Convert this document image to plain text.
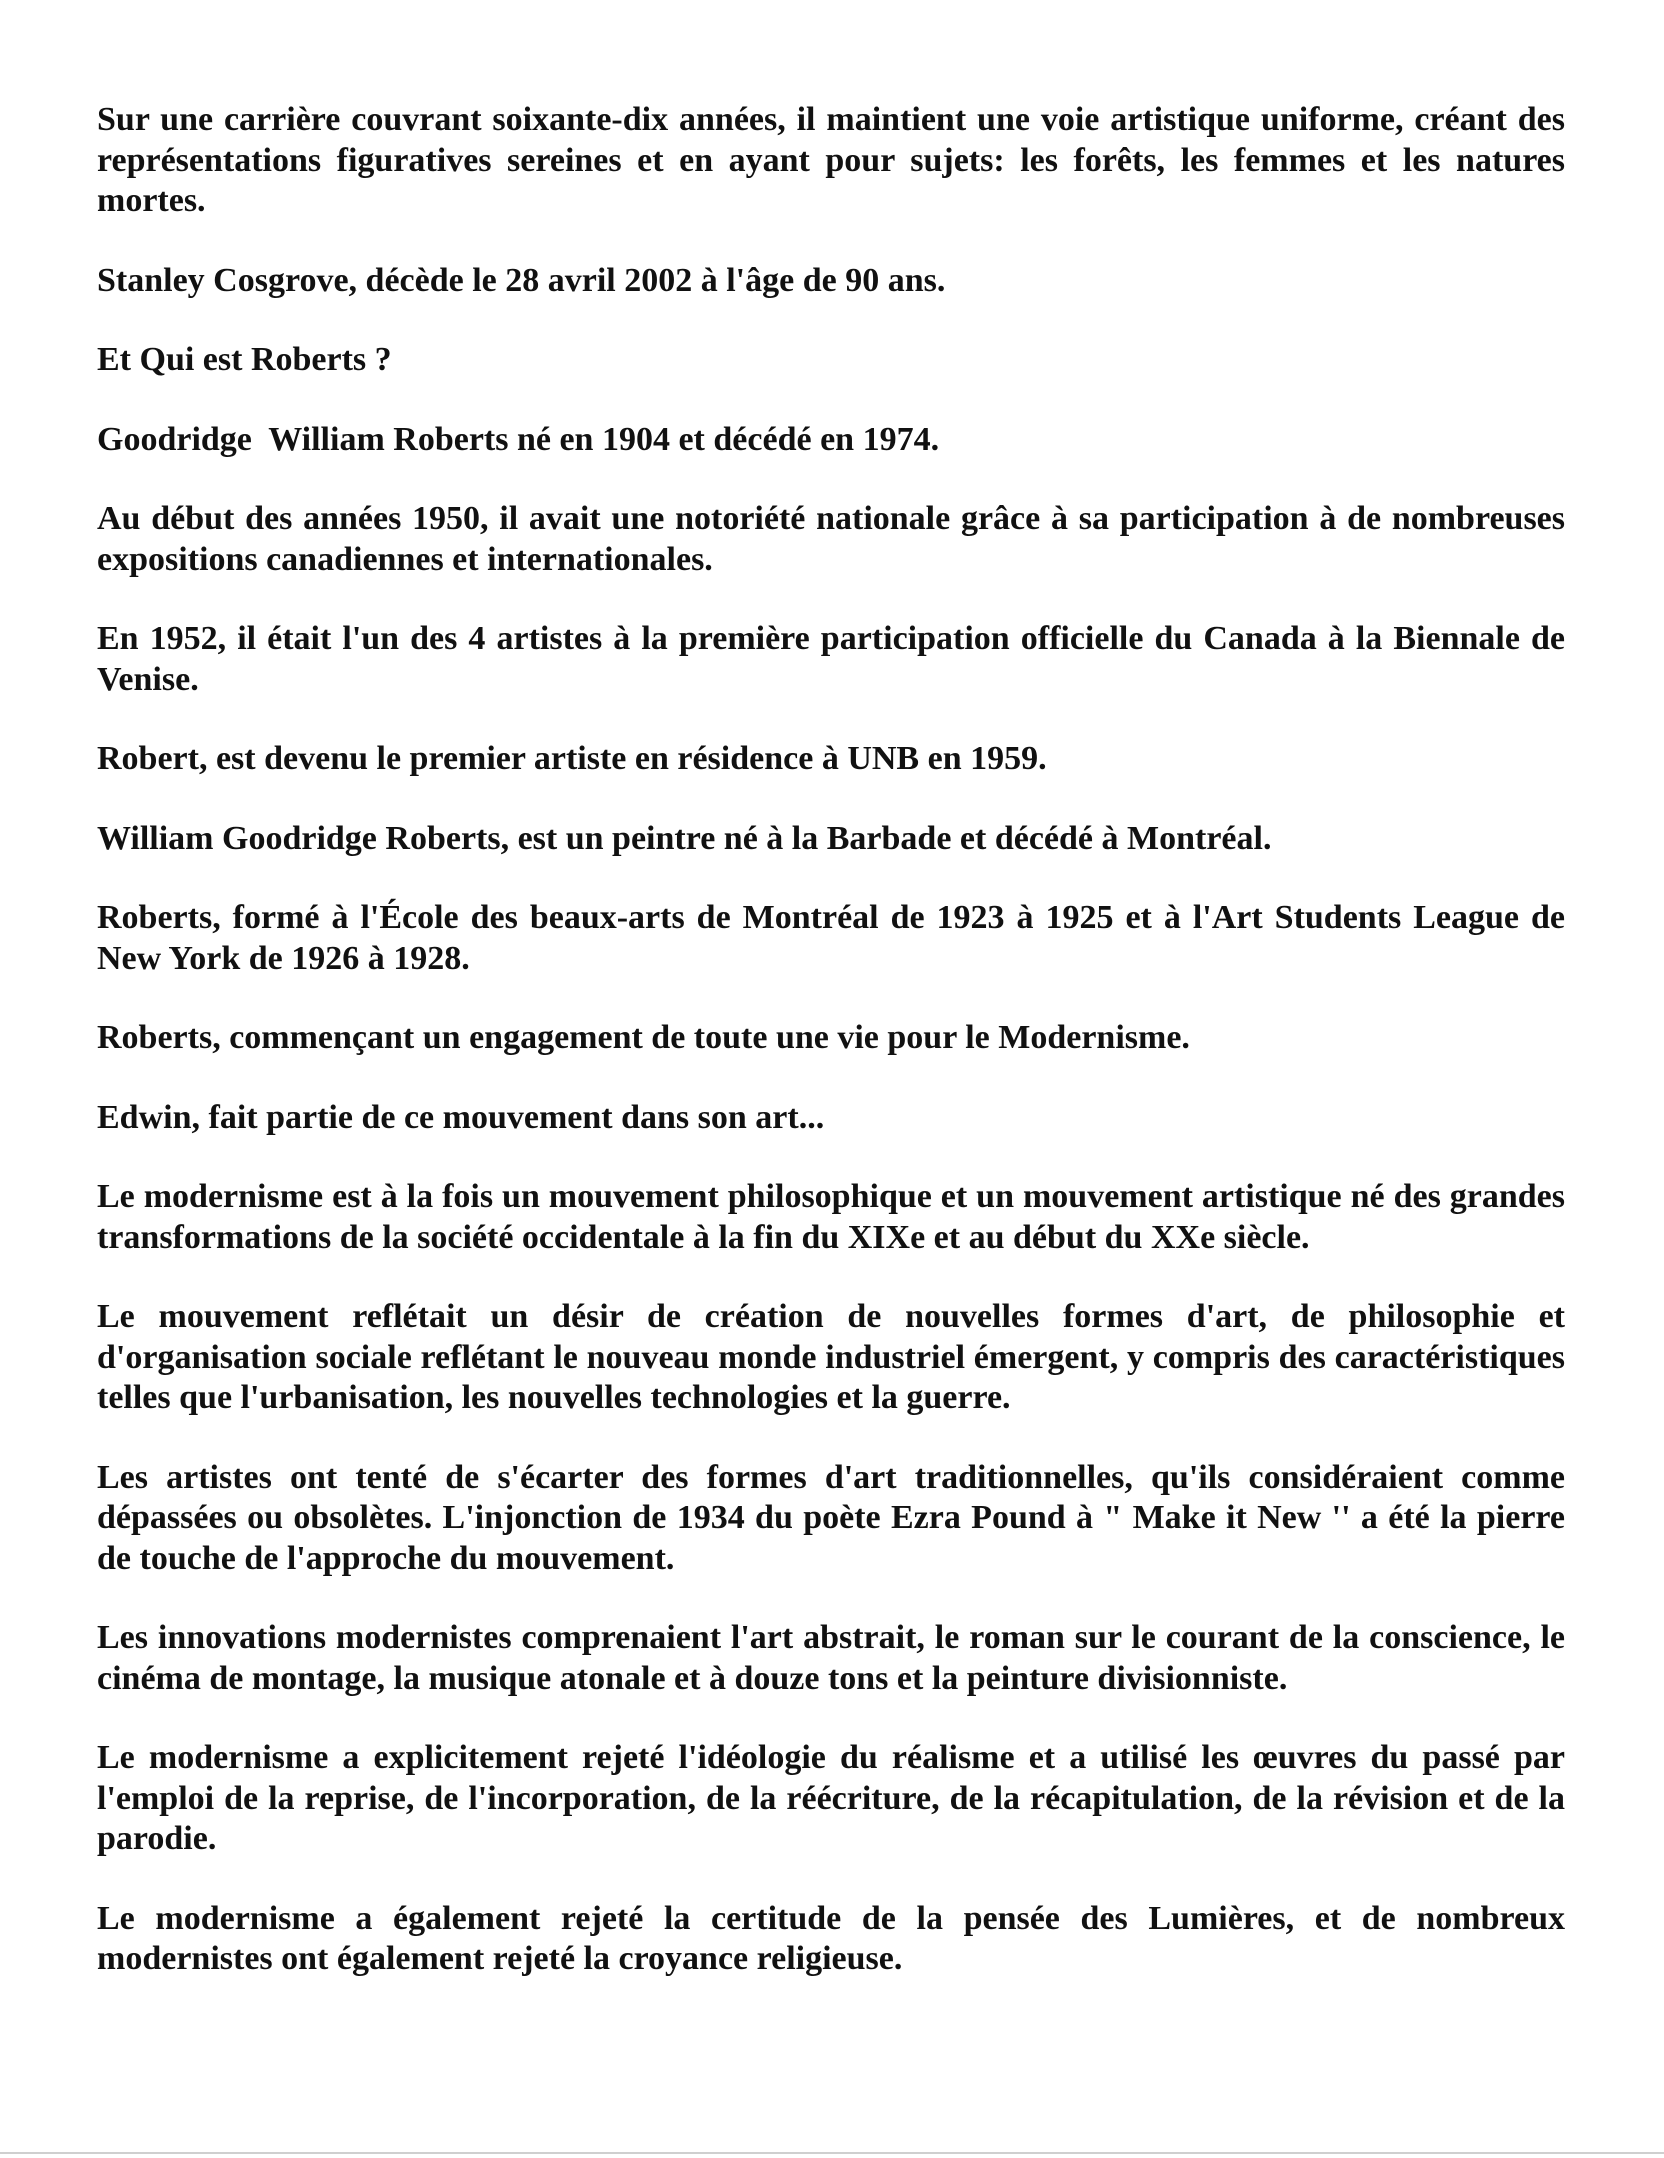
Sur une carrière couvrant soixante-dix années, il maintient une voie artistique uniforme, créant des représentations figuratives sereines et en ayant pour sujets: les forêts, les femmes et les natures mortes.

Stanley Cosgrove, décède le 28 avril 2002 à l'âge de 90 ans.

Et Qui est Roberts ?

Goodridge  William Roberts né en 1904 et décédé en 1974.

Au début des années 1950, il avait une notoriété nationale grâce à sa participation à de nombreuses expositions canadiennes et internationales.

En 1952, il était l'un des 4 artistes à la première participation officielle du Canada à la Biennale de Venise.

Robert, est devenu le premier artiste en résidence à UNB en 1959.

William Goodridge Roberts, est un peintre né à la Barbade et décédé à Montréal.

Roberts, formé à l'École des beaux-arts de Montréal de 1923 à 1925 et à l'Art Students League de New York de 1926 à 1928.

Roberts, commençant un engagement de toute une vie pour le Modernisme.

Edwin, fait partie de ce mouvement dans son art...

Le modernisme est à la fois un mouvement philosophique et un mouvement artistique né des grandes transformations de la société occidentale à la fin du XIXe et au début du XXe siècle.

Le mouvement reflétait un désir de création de nouvelles formes d'art, de philosophie et d'organisation sociale reflétant le nouveau monde industriel émergent, y compris des caractéristiques telles que l'urbanisation, les nouvelles technologies et la guerre.

Les artistes ont tenté de s'écarter des formes d'art traditionnelles, qu'ils considéraient comme dépassées ou obsolètes. L'injonction de 1934 du poète Ezra Pound à " Make it New '' a été la pierre de touche de l'approche du mouvement.

Les innovations modernistes comprenaient l'art abstrait, le roman sur le courant de la conscience, le cinéma de montage, la musique atonale et à douze tons et la peinture divisionniste.

Le modernisme a explicitement rejeté l'idéologie du réalisme et a utilisé les œuvres du passé par l'emploi de la reprise, de l'incorporation, de la réécriture, de la récapitulation, de la révision et de la parodie.

Le modernisme a également rejeté la certitude de la pensée des Lumières, et de nombreux modernistes ont également rejeté la croyance religieuse.
